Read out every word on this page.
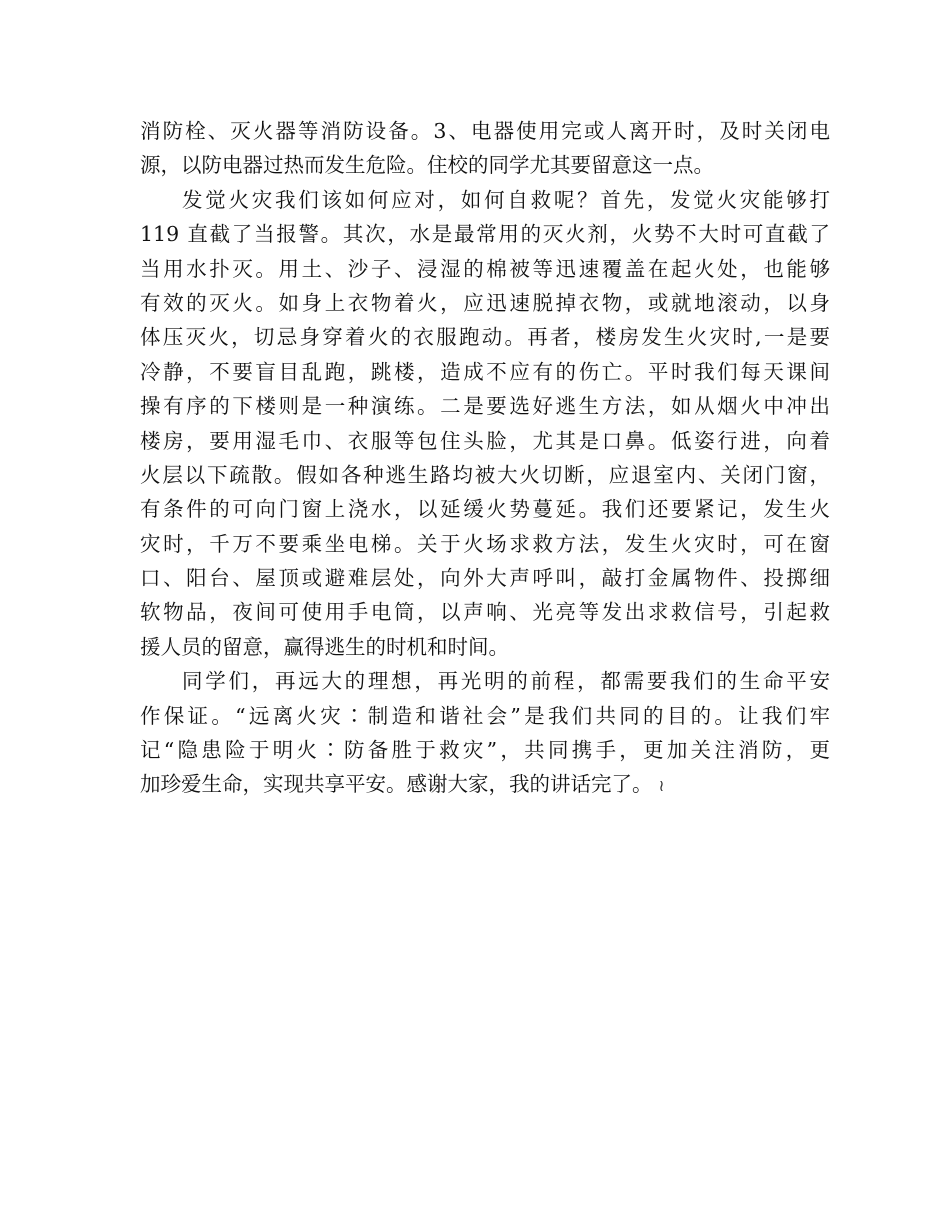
消防栓、灭火器等消防设备。3、电器使用完或人离开时，及时关闭电
源，以防电器过热而发生危险。住校的同学尤其要留意这一点。
发觉火灾我们该如何应对，如何自救呢？首先，发觉火灾能够打
119 直截了当报警。其次，水是最常用的灭火剂，火势不大时可直截了
当用水扑灭。用土、沙子、浸湿的棉被等迅速覆盖在起火处，也能够
有效的灭火。如身上衣物着火，应迅速脱掉衣物，或就地滚动，以身
体压灭火，切忌身穿着火的衣服跑动。再者，楼房发生火灾时,一是要
冷静，不要盲目乱跑，跳楼，造成不应有的伤亡。平时我们每天课间
操有序的下楼则是一种演练。二是要选好逃生方法，如从烟火中冲出
楼房，要用湿毛巾、衣服等包住头脸，尤其是口鼻。低姿行进，向着
火层以下疏散。假如各种逃生路均被大火切断，应退室内、关闭门窗，
有条件的可向门窗上浇水，以延缓火势蔓延。我们还要紧记，发生火
灾时，千万不要乘坐电梯。关于火场求救方法，发生火灾时，可在窗
口、阳台、屋顶或避难层处，向外大声呼叫，敲打金属物件、投掷细
软物品，夜间可使用手电筒，以声响、光亮等发出求救信号，引起救
援人员的留意，赢得逃生的时机和时间。
同学们，再远大的理想，再光明的前程，都需要我们的生命平安
作保证。“远离火灾∶制造和谐社会”是我们共同的目的。让我们牢
记“隐患险于明火∶防备胜于救灾”，共同携手，更加关注消防，更
加珍爱生命，实现共享平安。感谢大家，我的讲话完了。 ≀
